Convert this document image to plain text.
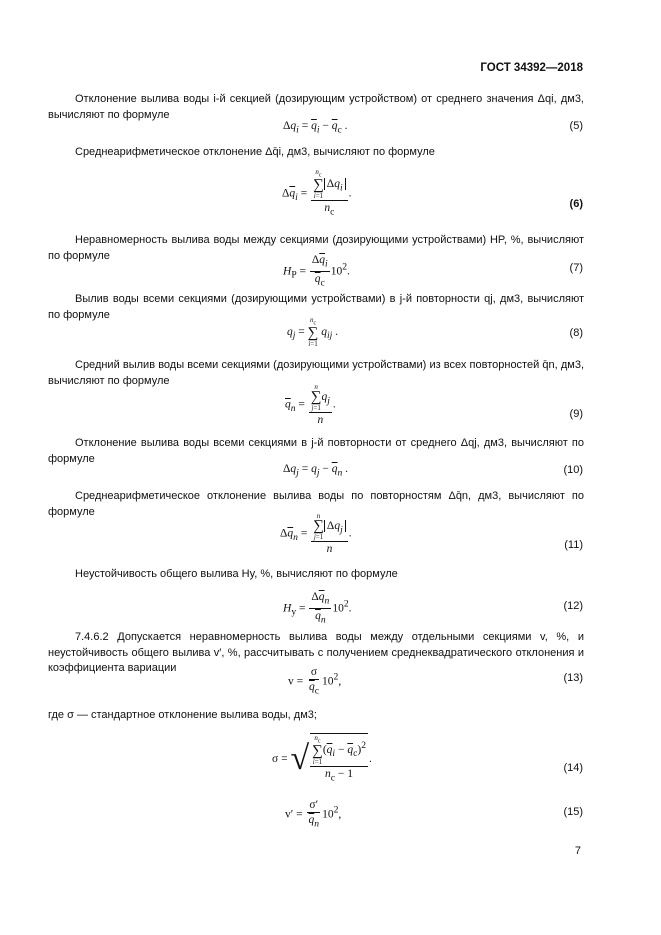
ГОСТ 34392—2018
Отклонение вылива воды i-й секцией (дозирующим устройством) от среднего значения Δqi, дм3, вычисляют по формуле
$\Delta q_i = \overline{q}_i - \overline{q}_c$ .	(5)
Среднеарифметическое отклонение Δq̄i, дм3, вычисляют по формуле
$\Delta\overline{q}_i = n_c$
∑
i=1
$\Delta q_i$
$n_c$ .
(6)
Неравномерность вылива воды между секциями (дозирующими устройствами) HP, %, вычисляют по формуле
$H_P = \frac{\Delta\overline{q}_i}{\overline{q}_c} 10^2$.	(7)
Вылив воды всеми секциями (дозирующими устройствами) в j-й повторности qj, дм3, вычисляют по формуле
$q_j$ =
$n_c$
∑
i=1
$q_{ij}$ .	(8)
Средний вылив воды всеми секциями (дозирующими устройствами) из всех повторностей q̄n, дм3, вычисляют по формуле
$\overline{q}_n = n$
∑
j=1
$q_j$
n .
(9)
Отклонение вылива воды всеми секциями в j-й повторности от среднего Δqj, дм3, вычисляют по формуле
$\Delta q_j = q_j - \overline{q}_n$ .	(10)
Среднеарифметическое отклонение вылива воды по повторностям Δq̄n, дм3, вычисляют по формуле
$\Delta\overline{q}_n = n$
∑
j=1
$\Delta q_j$
n .
(11)
Неустойчивость общего вылива Hy, %, вычисляют по формуле
$H_y = \frac{\Delta\overline{q}_n}{\overline{q}_n} 10^2$.	(12)
7.4.6.2 Допускается неравномерность вылива воды между отдельными секциями v, %, и неустойчивость общего вылива v′, %, рассчитывать с получением среднеквадратического отклонения и коэффициента вариации
$v = \frac{\sigma}{\overline{q}_c} 10^2$,	(13)
где σ — стандартное отклонение вылива воды, дм3;
σ = √ $n_c$
∑
i=1
$(\overline{q}_i - \overline{q}_c)^2$
$n_c - 1$ .
(14)
$v' = \frac{\sigma'}{\overline{q}_n} 10^2$,	(15)
7
